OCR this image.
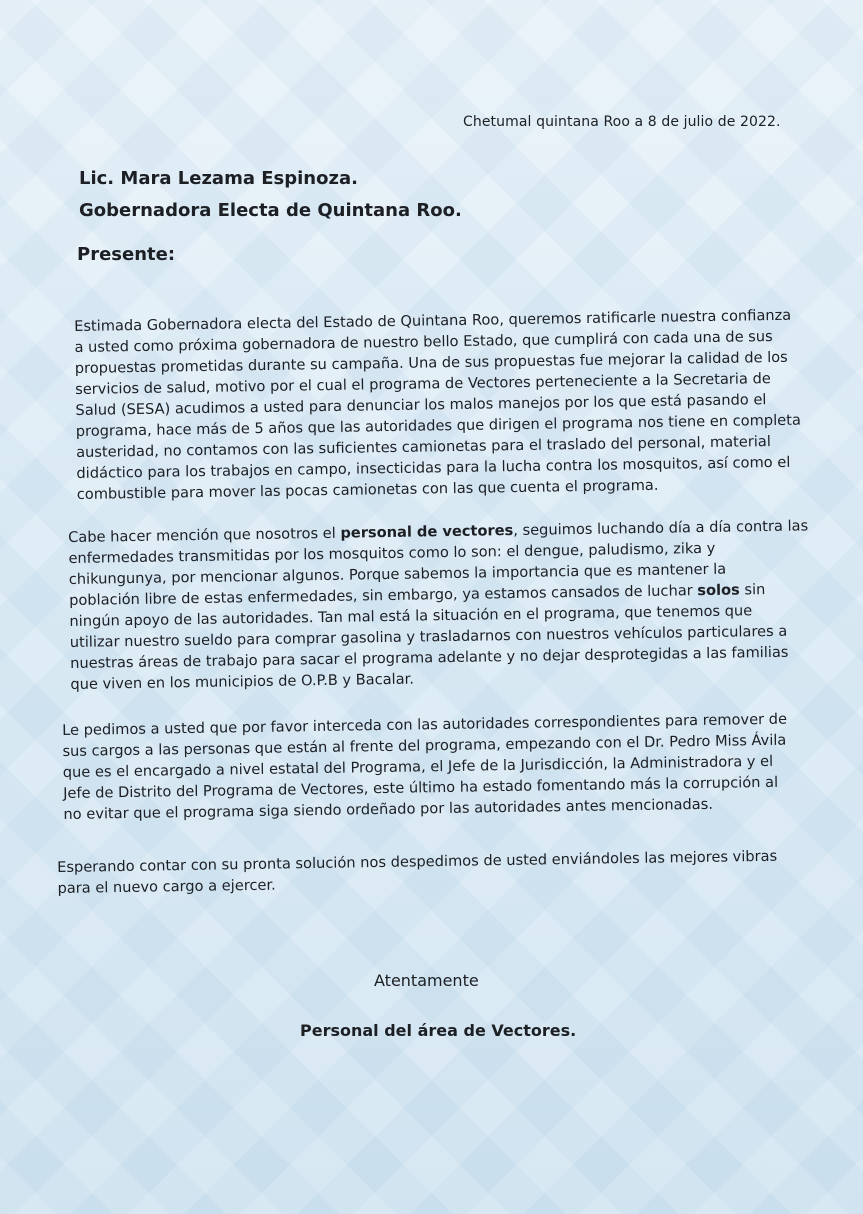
Chetumal quintana Roo a 8 de julio de 2022.
Lic. Mara Lezama Espinoza.
Gobernadora Electa de Quintana Roo.
Presente:
Estimada Gobernadora electa del Estado de Quintana Roo, queremos ratificarle nuestra confianza
a usted como próxima gobernadora de nuestro bello Estado, que cumplirá con cada una de sus
propuestas prometidas durante su campaña. Una de sus propuestas fue mejorar la calidad de los
servicios de salud, motivo por el cual el programa de Vectores perteneciente a la Secretaria de
Salud (SESA) acudimos a usted para denunciar los malos manejos por los que está pasando el
programa, hace más de 5 años que las autoridades que dirigen el programa nos tiene en completa
austeridad, no contamos con las suficientes camionetas para el traslado del personal, material
didáctico para los trabajos en campo, insecticidas para la lucha contra los mosquitos, así como el
combustible para mover las pocas camionetas con las que cuenta el programa.
Cabe hacer mención que nosotros el personal de vectores, seguimos luchando día a día contra las
enfermedades transmitidas por los mosquitos como lo son: el dengue, paludismo, zika y
chikungunya, por mencionar algunos. Porque sabemos la importancia que es mantener la
población libre de estas enfermedades, sin embargo, ya estamos cansados de luchar solos sin
ningún apoyo de las autoridades. Tan mal está la situación en el programa, que tenemos que
utilizar nuestro sueldo para comprar gasolina y trasladarnos con nuestros vehículos particulares a
nuestras áreas de trabajo para sacar el programa adelante y no dejar desprotegidas a las familias
que viven en los municipios de O.P.B y Bacalar.
Le pedimos a usted que por favor interceda con las autoridades correspondientes para remover de
sus cargos a las personas que están al frente del programa, empezando con el Dr. Pedro Miss Ávila
que es el encargado a nivel estatal del Programa, el Jefe de la Jurisdicción, la Administradora y el
Jefe de Distrito del Programa de Vectores, este último ha estado fomentando más la corrupción al
no evitar que el programa siga siendo ordeñado por las autoridades antes mencionadas.
Esperando contar con su pronta solución nos despedimos de usted enviándoles las mejores vibras
para el nuevo cargo a ejercer.
Atentamente
Personal del área de Vectores.
